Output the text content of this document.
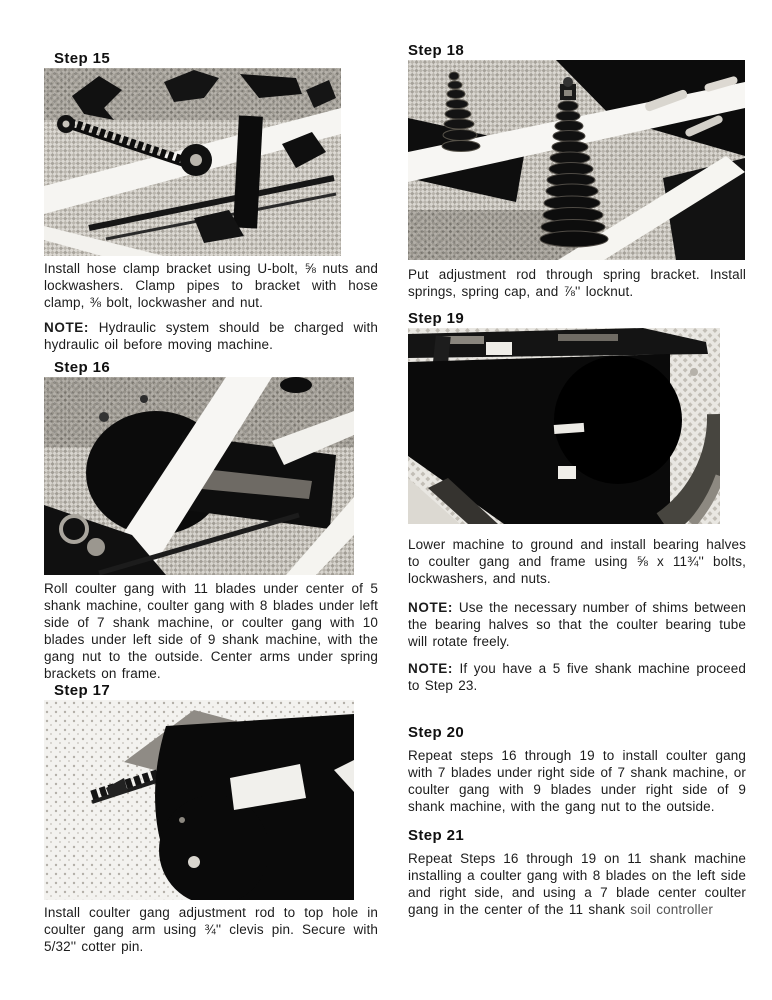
Step 15

Install hose clamp bracket using U-bolt, ⅝ nuts and lockwashers. Clamp pipes to bracket with hose clamp, ⅜ bolt, lockwasher and nut.

NOTE: Hydraulic system should be charged with hydraulic oil before moving machine.

Step 16

Roll coulter gang with 11 blades under center of 5 shank machine, coulter gang with 8 blades under left side of 7 shank machine, or coulter gang with 10 blades under left side of 9 shank machine, with the gang nut to the outside. Center arms under spring brackets on frame.

Step 17

Install coulter gang adjustment rod to top hole in coulter gang arm using ¾'' clevis pin. Secure with 5/32'' cotter pin.

Step 18

Put adjustment rod through spring bracket. Install springs, spring cap, and ⅞'' locknut.

Step 19

Lower machine to ground and install bearing halves to coulter gang and frame using ⅝ x 11¾'' bolts, lockwashers, and nuts.

NOTE: Use the necessary number of shims between the bearing halves so that the coulter bearing tube will rotate freely.

NOTE: If you have a 5 five shank machine proceed to Step 23.

Step 20

Repeat steps 16 through 19 to install coulter gang with 7 blades under right side of 7 shank machine, or coulter gang with 9 blades under right side of 9 shank machine, with the gang nut to the outside.

Step 21

Repeat Steps 16 through 19 on 11 shank machine installing a coulter gang with 8 blades on the left side and right side, and using a 7 blade center coulter gang in the center of the 11 shank soil controller
